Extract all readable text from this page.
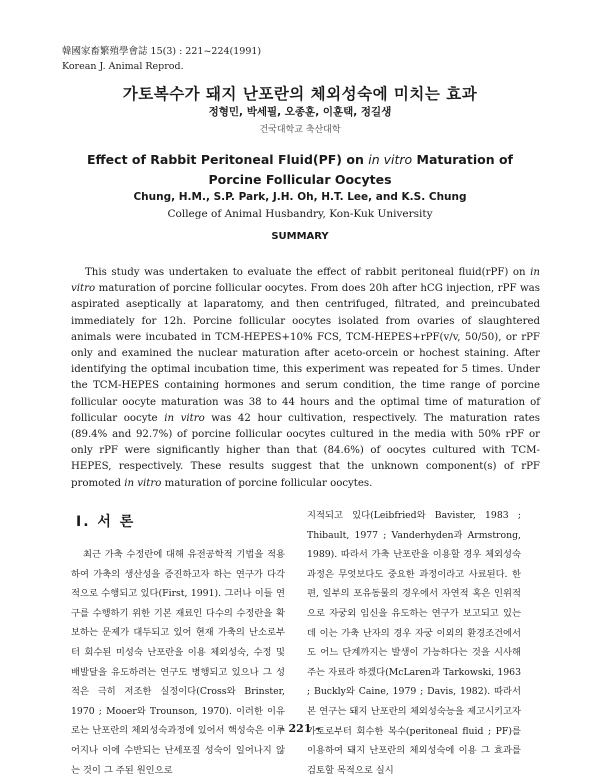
韓國家畜繁殖學會誌 15(3) : 221~224(1991)
Korean J. Animal Reprod.
가토복수가 돼지 난포란의 체외성숙에 미치는 효과
정형민, 박세필, 오종훈, 이훈택, 정길생
건국대학교 축산대학
Effect of Rabbit Peritoneal Fluid(PF) on in vitro Maturation of
Porcine Follicular Oocytes
Chung, H.M., S.P. Park, J.H. Oh, H.T. Lee, and K.S. Chung
College of Animal Husbandry, Kon-Kuk University
SUMMARY
This study was undertaken to evaluate the effect of rabbit peritoneal fluid(rPF) on in vitro maturation of porcine follicular oocytes. From does 20h after hCG injection, rPF was aspirated aseptically at laparatomy, and then centrifuged, filtrated, and preincubated immediately for 12h. Porcine follicular oocytes isolated from ovaries of slaughtered animals were incubated in TCM-HEPES+10% FCS, TCM-HEPES+rPF(v/v, 50/50), or rPF only and examined the nuclear maturation after aceto-orcein or hochest staining. After identifying the optimal incubation time, this experiment was repeated for 5 times. Under the TCM-HEPES containing hormones and serum condition, the time range of porcine follicular oocyte maturation was 38 to 44 hours and the optimal time of maturation of follicular oocyte in vitro was 42 hour cultivation, respectively. The maturation rates (89.4% and 92.7%) of porcine follicular oocytes cultured in the media with 50% rPF or only rPF were significantly higher than that (84.6%) of oocytes cultured with TCM-HEPES, respectively. These results suggest that the unknown component(s) of rPF promoted in vitro maturation of porcine follicular oocytes.
Ⅰ. 서 론
최근 가축 수정란에 대해 유전공학적 기법을 적용하여 가축의 생산성을 증진하고자 하는 연구가 다각적으로 수행되고 있다(First, 1991). 그러나 이들 연구를 수행하기 위한 기본 재료인 다수의 수정란을 확보하는 문제가 대두되고 있어 현재 가축의 난소로부터 회수된 미성숙 난포란을 이용 체외성숙, 수정 및 배발달을 유도하려는 연구도 병행되고 있으나 그 성적은 극히 저조한 실정이다(Cross와 Brinster, 1970 ; Mooer와 Trounson, 1970). 이러한 이유로는 난포란의 체외성숙과정에 있어서 핵성숙은 이루어지나 이에 수반되는 난세포질 성숙이 일어나지 않는 것이 그 주된 원인으로
지적되고 있다(Leibfried와 Bavister, 1983 ; Thibault, 1977 ; Vanderhyden과 Armstrong, 1989). 따라서 가축 난포란을 이용할 경우 체외성숙과정은 무엇보다도 중요한 과정이라고 사료된다. 한편, 일부의 포유동물의 경우에서 자연적 혹은 인위적으로 자궁외 임신을 유도하는 연구가 보고되고 있는데 이는 가축 난자의 경우 자궁 이외의 환경조건에서도 어느 단계까지는 발생이 가능하다는 것을 시사해 주는 자료라 하겠다(McLaren과 Tarkowski, 1963 ; Buckly와 Caine, 1979 ; Davis, 1982). 따라서 본 연구는 돼지 난포란의 체외성숙능을 제고시키고자 가토로부터 회수한 복수(peritoneal fluid ; PF)를 이용하여 돼지 난포란의 체외성숙에 이용 그 효과를 검토할 목적으로 실시
– 221 –
